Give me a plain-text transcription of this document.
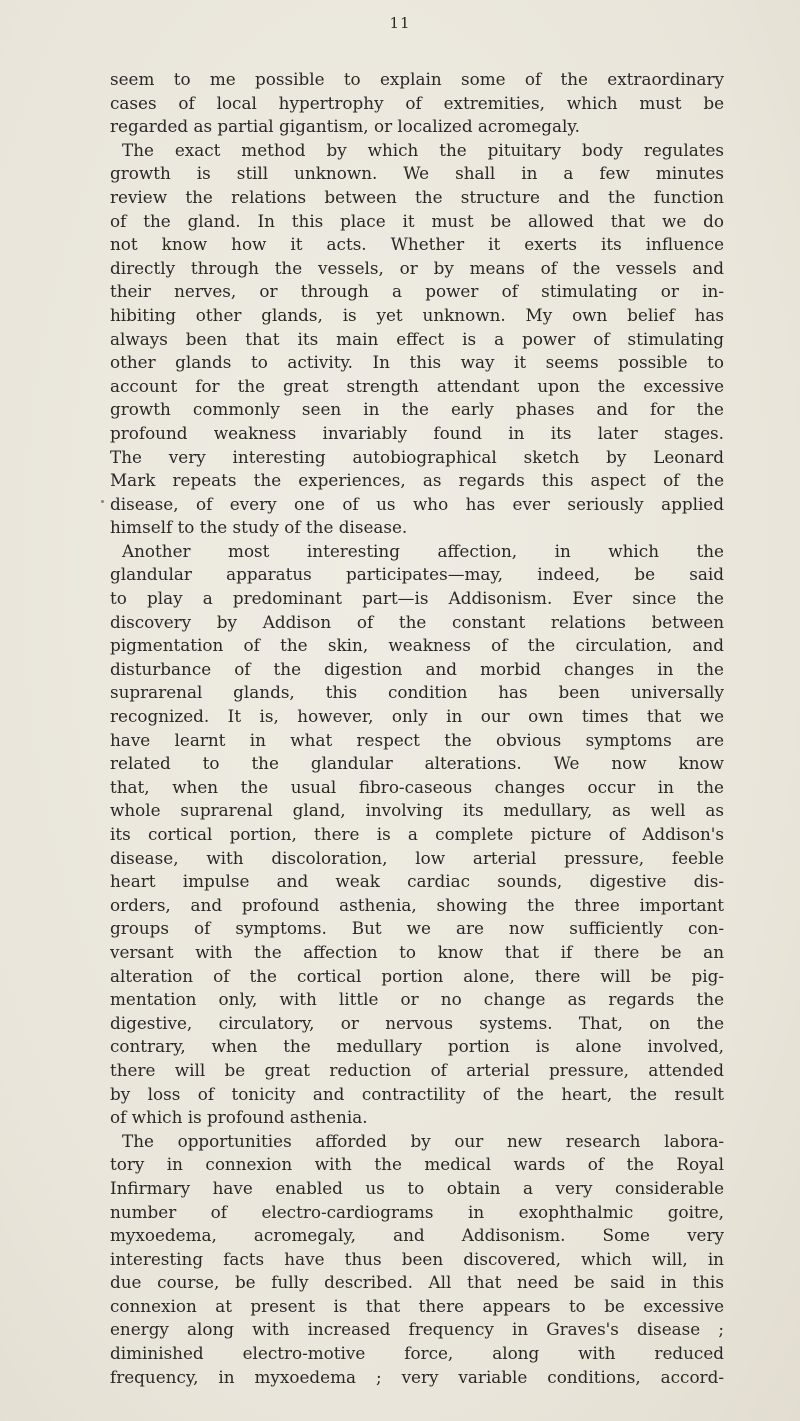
11
seem to me possible to explain some of the extraordinary
cases of local hypertrophy of extremities, which must be
regarded as partial gigantism, or localized acromegaly.
The exact method by which the pituitary body regulates
growth is still unknown. We shall in a few minutes
review the relations between the structure and the function
of the gland. In this place it must be allowed that we do
not know how it acts. Whether it exerts its influence
directly through the vessels, or by means of the vessels and
their nerves, or through a power of stimulating or in-
hibiting other glands, is yet unknown. My own belief has
always been that its main effect is a power of stimulating
other glands to activity. In this way it seems possible to
account for the great strength attendant upon the excessive
growth commonly seen in the early phases and for the
profound weakness invariably found in its later stages.
The very interesting autobiographical sketch by Leonard
Mark repeats the experiences, as regards this aspect of the
disease, of every one of us who has ever seriously applied
himself to the study of the disease.
Another most interesting affection, in which the
glandular apparatus participates—may, indeed, be said
to play a predominant part—is Addisonism. Ever since the
discovery by Addison of the constant relations between
pigmentation of the skin, weakness of the circulation, and
disturbance of the digestion and morbid changes in the
suprarenal glands, this condition has been universally
recognized. It is, however, only in our own times that we
have learnt in what respect the obvious symptoms are
related to the glandular alterations. We now know
that, when the usual fibro-caseous changes occur in the
whole suprarenal gland, involving its medullary, as well as
its cortical portion, there is a complete picture of Addison's
disease, with discoloration, low arterial pressure, feeble
heart impulse and weak cardiac sounds, digestive dis-
orders, and profound asthenia, showing the three important
groups of symptoms. But we are now sufficiently con-
versant with the affection to know that if there be an
alteration of the cortical portion alone, there will be pig-
mentation only, with little or no change as regards the
digestive, circulatory, or nervous systems. That, on the
contrary, when the medullary portion is alone involved,
there will be great reduction of arterial pressure, attended
by loss of tonicity and contractility of the heart, the result
of which is profound asthenia.
The opportunities afforded by our new research labora-
tory in connexion with the medical wards of the Royal
Infirmary have enabled us to obtain a very considerable
number of electro-cardiograms in exophthalmic goitre,
myxoedema, acromegaly, and Addisonism. Some very
interesting facts have thus been discovered, which will, in
due course, be fully described. All that need be said in this
connexion at present is that there appears to be excessive
energy along with increased frequency in Graves's disease ;
diminished electro-motive force, along with reduced
frequency, in myxoedema ; very variable conditions, accord-
